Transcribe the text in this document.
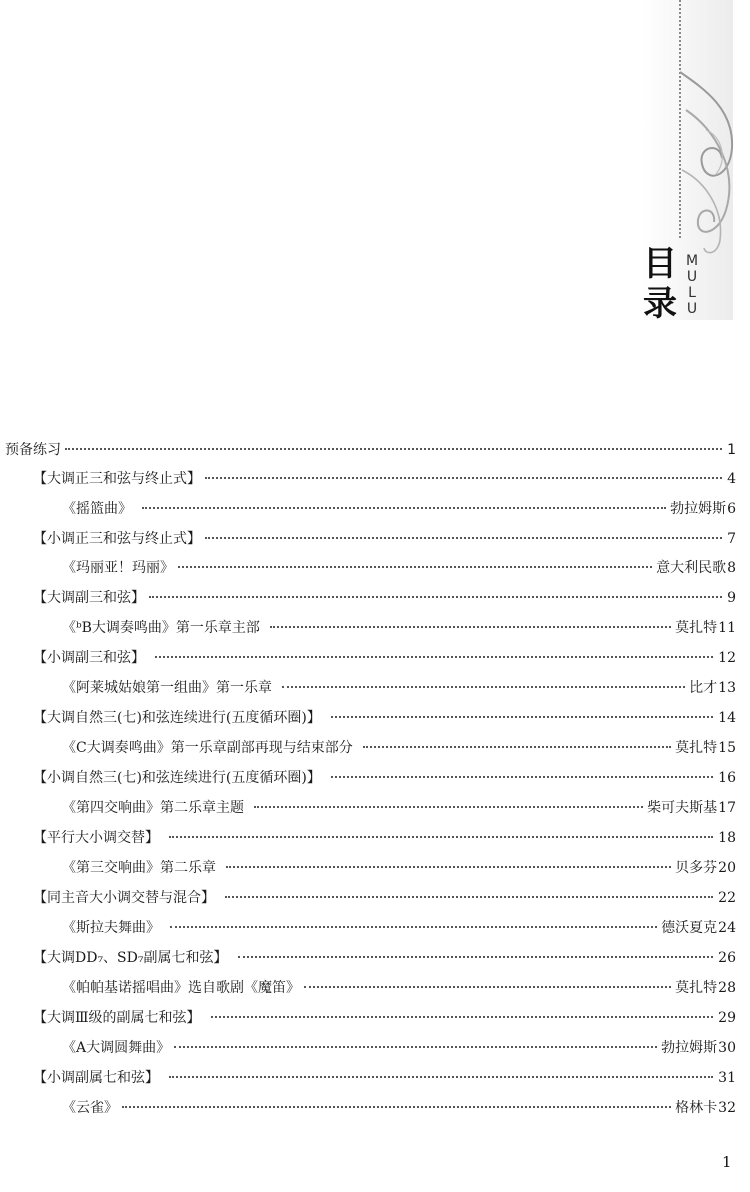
目
录
M
U
L
U
预备练习	1
【大调正三和弦与终止式】	4
《摇篮曲》	勃拉姆斯 6
【小调正三和弦与终止式】	7
《玛丽亚！玛丽》	意大利民歌 8
【大调副三和弦】	9
《ᵇB大调奏鸣曲》第一乐章主部	莫扎特 11
【小调副三和弦】	12
《阿莱城姑娘第一组曲》第一乐章	比才 13
【大调自然三(七)和弦连续进行(五度循环圈)】	14
《C大调奏鸣曲》第一乐章副部再现与结束部分	莫扎特 15
【小调自然三(七)和弦连续进行(五度循环圈)】	16
《第四交响曲》第二乐章主题	柴可夫斯基 17
【平行大小调交替】	18
《第三交响曲》第二乐章	贝多芬 20
【同主音大小调交替与混合】	22
《斯拉夫舞曲》	德沃夏克 24
【大调DD₇、SD₇副属七和弦】	26
《帕帕基诺摇唱曲》选自歌剧《魔笛》	莫扎特 28
【大调Ⅲ级的副属七和弦】	29
《A大调圆舞曲》	勃拉姆斯 30
【小调副属七和弦】	31
《云雀》	格林卡 32
1
